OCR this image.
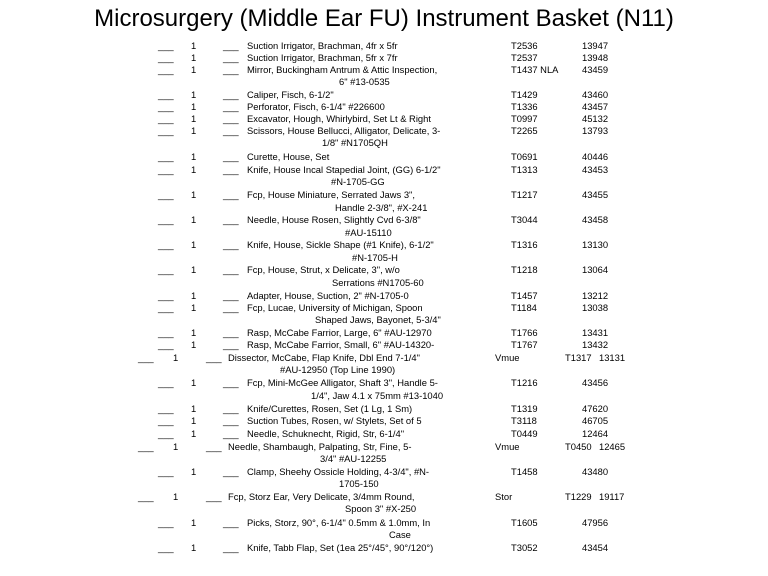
Microsurgery (Middle Ear FU) Instrument Basket (N11)
___ 1	___ Suction Irrigator, Brachman, 4fr x 5fr	T2536	13947
___ 1	___ Suction Irrigator, Brachman, 5fr x 7fr	T2537	13948
___ 1	___ Mirror, Buckingham Antrum & Attic Inspection,	T1437 NLA	43459
6" #13-0535
___ 1	___ Caliper, Fisch, 6-1/2"	T1429	43460
___ 1	___ Perforator, Fisch, 6-1/4" #226600	T1336	43457
___ 1	___ Excavator, Hough, Whirlybird, Set Lt & Right	T0997	45132
___ 1	___ Scissors, House Bellucci, Alligator, Delicate, 3-	T2265	13793
1/8" #N1705QH
___ 1	___ Curette, House, Set	T0691	40446
___ 1	___ Knife, House Incal Stapedial Joint, (GG) 6-1/2"	T1313	43453
#N-1705-GG
___ 1	___ Fcp, House Miniature, Serrated Jaws 3",	T1217	43455
Handle 2-3/8", #X-241
___ 1	___ Needle, House Rosen, Slightly Cvd 6-3/8"	T3044	43458
#AU-15110
___ 1	___ Knife, House, Sickle Shape (#1 Knife), 6-1/2"	T1316	13130
#N-1705-H
___ 1	___ Fcp, House, Strut, x Delicate, 3", w/o	T1218	13064
Serrations #N1705-60
___ 1	___ Adapter, House, Suction, 2" #N-1705-0	T1457	13212
___ 1	___ Fcp, Lucae, University of Michigan, Spoon	T1184	13038
Shaped Jaws, Bayonet, 5-3/4"
___ 1	___ Rasp, McCabe Farrior, Large, 6" #AU-12970	T1766	13431
___ 1	___ Rasp, McCabe Farrior, Small, 6" #AU-14320-	T1767	13432
___ 1	___ Dissector, McCabe, Flap Knife, Dbl End 7-1/4"	Vmue	T1317 13131
#AU-12950 (Top Line 1990)
___ 1	___ Fcp, Mini-McGee Alligator, Shaft 3", Handle 5-	T1216	43456
1/4", Jaw 4.1 x 75mm #13-1040
___ 1	___ Knife/Curettes, Rosen, Set (1 Lg, 1 Sm)	T1319	47620
___ 1	___ Suction Tubes, Rosen, w/ Stylets, Set of 5	T3118	46705
___ 1	___ Needle, Schuknecht, Rigid, Str, 6-1/4"	T0449	12464
___ 1	___ Needle, Shambaugh, Palpating, Str, Fine, 5-	Vmue	T0450 12465
3/4" #AU-12255
___ 1	___ Clamp, Sheehy Ossicle Holding, 4-3/4", #N-	T1458	43480
1705-150
___ 1	___ Fcp, Storz Ear, Very Delicate, 3/4mm Round,	Stor	T1229 19117
Spoon 3" #X-250
___ 1	___ Picks, Storz, 90°, 6-1/4" 0.5mm & 1.0mm, In	T1605	47956
Case
___ 1	___ Knife, Tabb Flap, Set (1ea 25°/45°, 90°/120°)	T3052	43454
